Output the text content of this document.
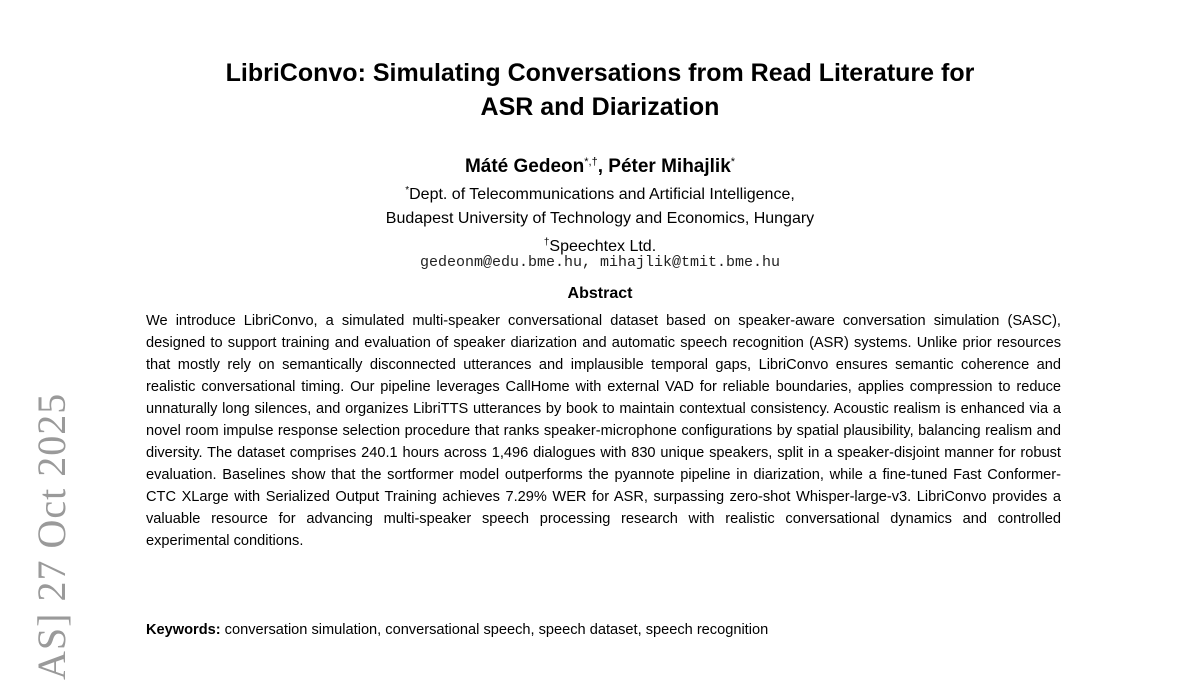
LibriConvo: Simulating Conversations from Read Literature for
ASR and Diarization
Máté Gedeon*,†, Péter Mihajlik*
*Dept. of Telecommunications and Artificial Intelligence,
Budapest University of Technology and Economics, Hungary
†Speechtex Ltd.
gedeonm@edu.bme.hu, mihajlik@tmit.bme.hu
Abstract

We introduce LibriConvo, a simulated multi-speaker conversational dataset based on speaker-aware conversation simulation (SASC), designed to support training and evaluation of speaker diarization and automatic speech recognition (ASR) systems. Unlike prior resources that mostly rely on semantically disconnected utterances and implausible temporal gaps, LibriConvo ensures semantic coherence and realistic conversational timing. Our pipeline leverages CallHome with external VAD for reliable boundaries, applies compression to reduce unnaturally long silences, and organizes LibriTTS utterances by book to maintain contextual consistency. Acoustic realism is enhanced via a novel room impulse response selection procedure that ranks speaker-microphone configurations by spatial plausibility, balancing realism and diversity. The dataset comprises 240.1 hours across 1,496 dialogues with 830 unique speakers, split in a speaker-disjoint manner for robust evaluation. Baselines show that the sortformer model outperforms the pyannote pipeline in diarization, while a fine-tuned Fast Conformer-CTC XLarge with Serialized Output Training achieves 7.29% WER for ASR, surpassing zero-shot Whisper-large-v3. LibriConvo provides a valuable resource for advancing multi-speaker speech processing research with realistic conversational dynamics and controlled experimental conditions.

Keywords: conversation simulation, conversational speech, speech dataset, speech recognition

AS] 27 Oct 2025
